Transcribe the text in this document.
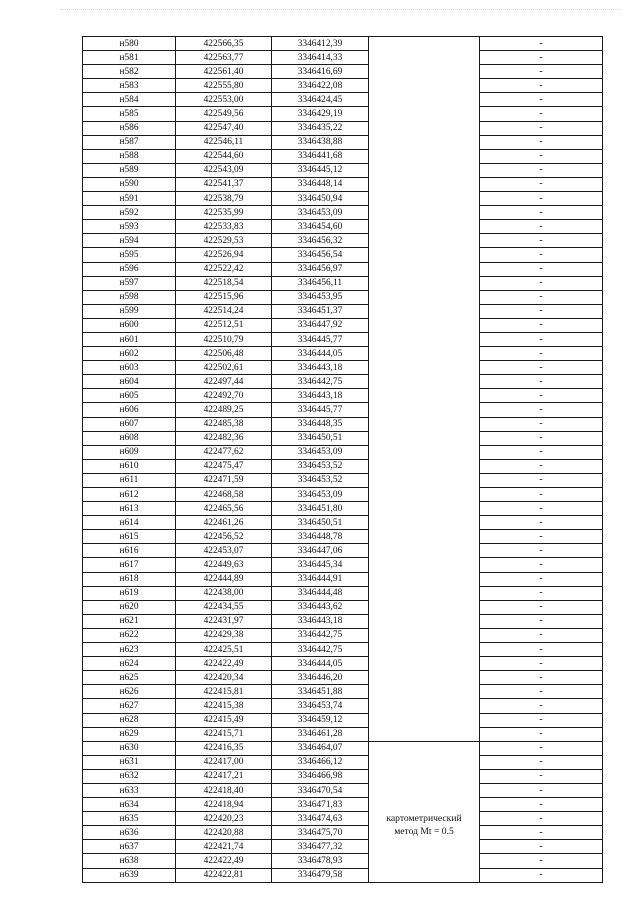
н580	422566,35	3346412,39		-
н581	422563,77	3346414,33		-
н582	422561,40	3346416,69		-
н583	422555,80	3346422,08		-
н584	422553,00	3346424,45		-
н585	422549,56	3346429,19		-
н586	422547,40	3346435,22		-
н587	422546,11	3346438,88		-
н588	422544,60	3346441,68		-
н589	422543,09	3346445,12		-
н590	422541,37	3346448,14		-
н591	422538,79	3346450,94		-
н592	422535,99	3346453,09		-
н593	422533,83	3346454,60		-
н594	422529,53	3346456,32		-
н595	422526,94	3346456,54		-
н596	422522,42	3346456,97		-
н597	422518,54	3346456,11		-
н598	422515,96	3346453,95		-
н599	422514,24	3346451,37		-
н600	422512,51	3346447,92		-
н601	422510,79	3346445,77		-
н602	422506,48	3346444,05		-
н603	422502,61	3346443,18		-
н604	422497,44	3346442,75		-
н605	422492,70	3346443,18		-
н606	422489,25	3346445,77		-
н607	422485,38	3346448,35		-
н608	422482,36	3346450,51		-
н609	422477,62	3346453,09		-
н610	422475,47	3346453,52		-
н611	422471,59	3346453,52		-
н612	422468,58	3346453,09		-
н613	422465,56	3346451,80		-
н614	422461,26	3346450,51		-
н615	422456,52	3346448,78		-
н616	422453,07	3346447,06		-
н617	422449,63	3346445,34		-
н618	422444,89	3346444,91		-
н619	422438,00	3346444,48		-
н620	422434,55	3346443,62		-
н621	422431,97	3346443,18		-
н622	422429,38	3346442,75		-
н623	422425,51	3346442,75		-
н624	422422,49	3346444,05		-
н625	422420,34	3346446,20		-
н626	422415,81	3346451,88		-
н627	422415,38	3346453,74		-
н628	422415,49	3346459,12		-
н629	422415,71	3346461,28		-
н630	422416,35	3346464,07	картометрический
метод Mt = 0.5	-
н631	422417,00	3346466,12		-
н632	422417,21	3346466,98		-
н633	422418,40	3346470,54		-
н634	422418,94	3346471,83		-
н635	422420,23	3346474,63		-
н636	422420,88	3346475,70		-
н637	422421,74	3346477,32		-
н638	422422,49	3346478,93		-
н639	422422,81	3346479,58		-
